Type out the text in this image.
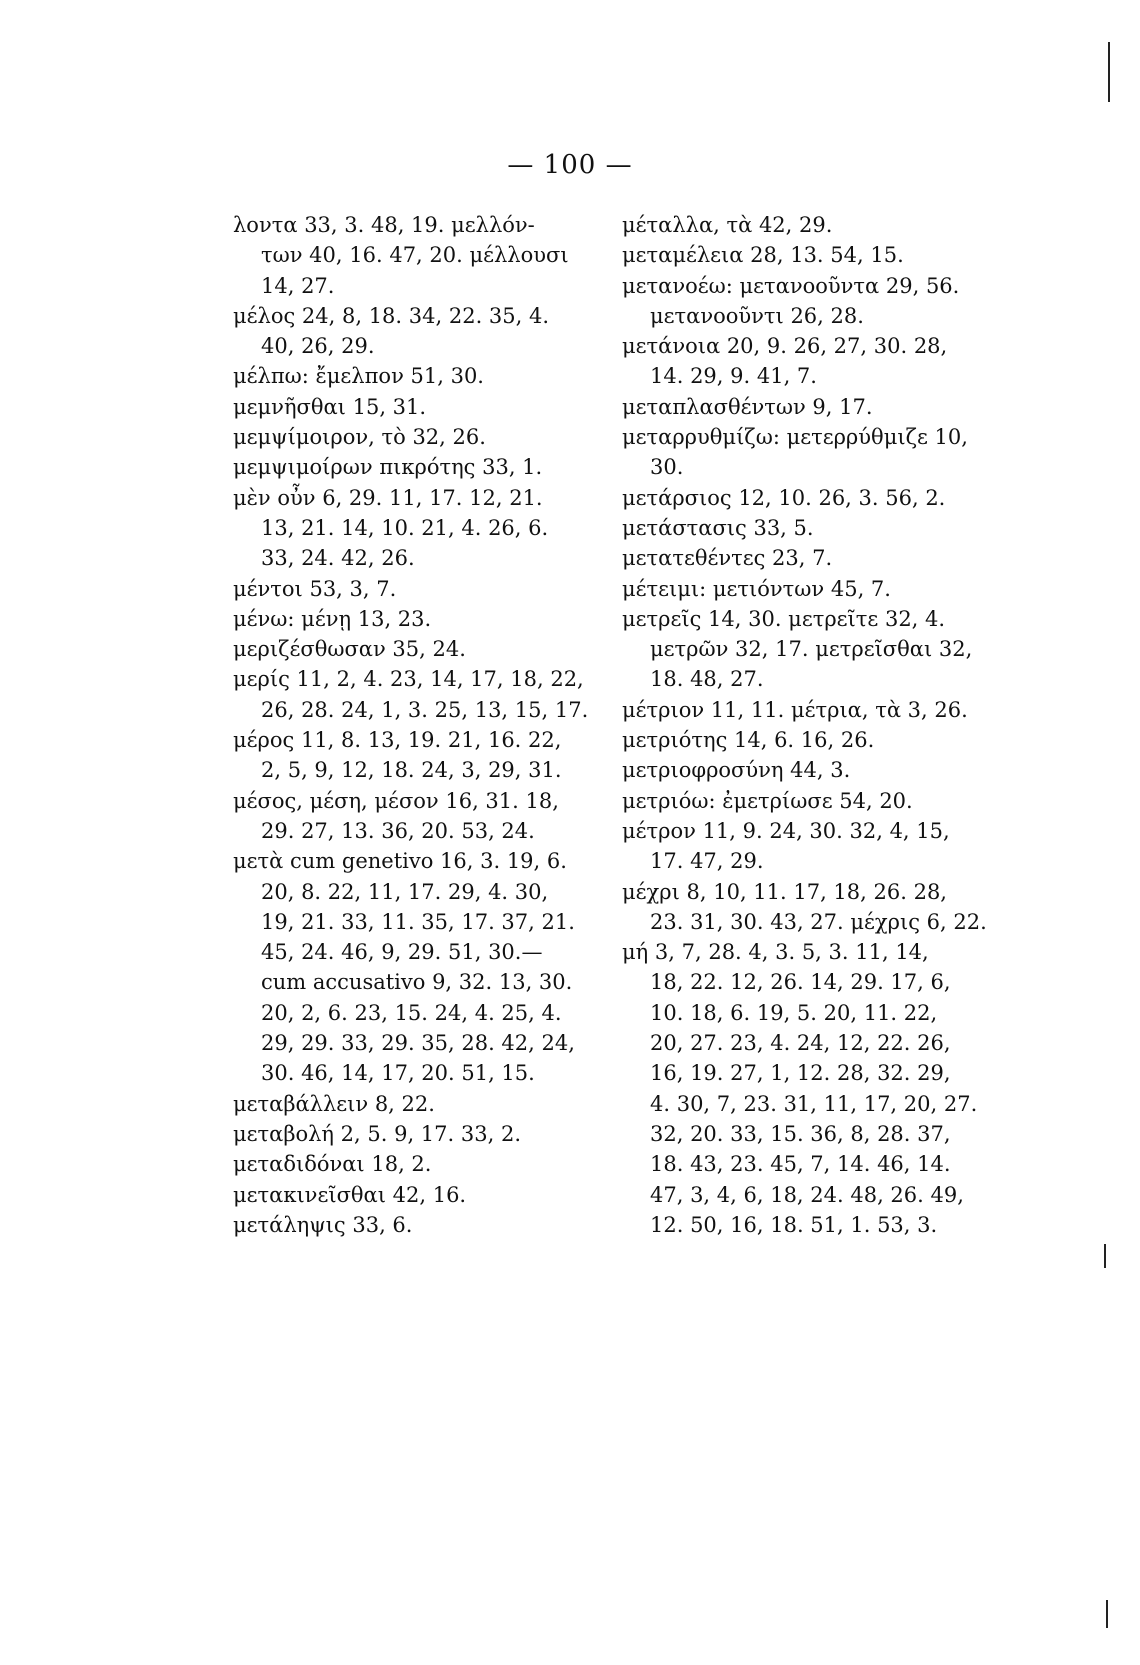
— 100 —
λοντα 33, 3. 48, 19. μελλόν-
των 40, 16. 47, 20. μέλλουσι
14, 27.
μέλος 24, 8, 18. 34, 22. 35, 4.
40, 26, 29.
μέλπω: ἔμελπον 51, 30.
μεμνῆσθαι 15, 31.
μεμψίμοιρον, τὸ 32, 26.
μεμψιμοίρων πικρότης 33, 1.
μὲν οὖν 6, 29. 11, 17. 12, 21.
13, 21. 14, 10. 21, 4. 26, 6.
33, 24. 42, 26.
μέντοι 53, 3, 7.
μένω: μένῃ 13, 23.
μεριζέσθωσαν 35, 24.
μερίς 11, 2, 4. 23, 14, 17, 18, 22,
26, 28. 24, 1, 3. 25, 13, 15, 17.
μέρος 11, 8. 13, 19. 21, 16. 22,
2, 5, 9, 12, 18. 24, 3, 29, 31.
μέσος, μέση, μέσον 16, 31. 18,
29. 27, 13. 36, 20. 53, 24.
μετὰ cum genetivo 16, 3. 19, 6.
20, 8. 22, 11, 17. 29, 4. 30,
19, 21. 33, 11. 35, 17. 37, 21.
45, 24. 46, 9, 29. 51, 30.—
cum accusativo 9, 32. 13, 30.
20, 2, 6. 23, 15. 24, 4. 25, 4.
29, 29. 33, 29. 35, 28. 42, 24,
30. 46, 14, 17, 20. 51, 15.
μεταβάλλειν 8, 22.
μεταβολή 2, 5. 9, 17. 33, 2.
μεταδιδόναι 18, 2.
μετακινεῖσθαι 42, 16.
μετάληψις 33, 6.
μέταλλα, τὰ 42, 29.
μεταμέλεια 28, 13. 54, 15.
μετανοέω: μετανοοῦντα 29, 56.
μετανοοῦντι 26, 28.
μετάνοια 20, 9. 26, 27, 30. 28,
14. 29, 9. 41, 7.
μεταπλασθέντων 9, 17.
μεταρρυθμίζω: μετερρύθμιζε 10,
30.
μετάρσιος 12, 10. 26, 3. 56, 2.
μετάστασις 33, 5.
μετατεθέντες 23, 7.
μέτειμι: μετιόντων 45, 7.
μετρεῖς 14, 30. μετρεῖτε 32, 4.
μετρῶν 32, 17. μετρεῖσθαι 32,
18. 48, 27.
μέτριον 11, 11. μέτρια, τὰ 3, 26.
μετριότης 14, 6. 16, 26.
μετριοφροσύνη 44, 3.
μετριόω: ἐμετρίωσε 54, 20.
μέτρον 11, 9. 24, 30. 32, 4, 15,
17. 47, 29.
μέχρι 8, 10, 11. 17, 18, 26. 28,
23. 31, 30. 43, 27. μέχρις 6, 22.
μή 3, 7, 28. 4, 3. 5, 3. 11, 14,
18, 22. 12, 26. 14, 29. 17, 6,
10. 18, 6. 19, 5. 20, 11. 22,
20, 27. 23, 4. 24, 12, 22. 26,
16, 19. 27, 1, 12. 28, 32. 29,
4. 30, 7, 23. 31, 11, 17, 20, 27.
32, 20. 33, 15. 36, 8, 28. 37,
18. 43, 23. 45, 7, 14. 46, 14.
47, 3, 4, 6, 18, 24. 48, 26. 49,
12. 50, 16, 18. 51, 1. 53, 3.
